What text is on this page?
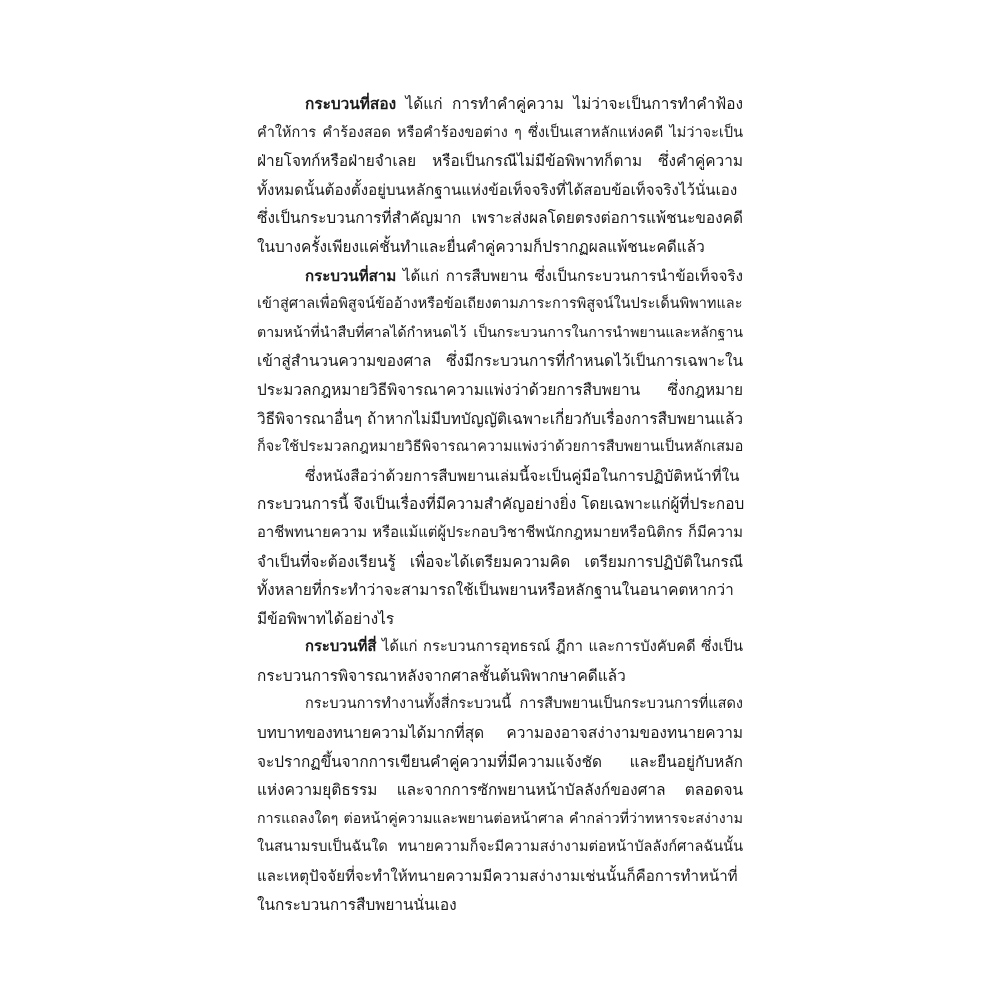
กระบวนที่สอง ได้แก่ การทำคำคู่ความ ไม่ว่าจะเป็นการทำคำฟ้อง
คำให้การ คำร้องสอด หรือคำร้องขอต่าง ๆ ซึ่งเป็นเสาหลักแห่งคดี ไม่ว่าจะเป็น
ฝ่ายโจทก์หรือฝ่ายจำเลย หรือเป็นกรณีไม่มีข้อพิพาทก็ตาม ซึ่งคำคู่ความ
ทั้งหมดนั้นต้องตั้งอยู่บนหลักฐานแห่งข้อเท็จจริงที่ได้สอบข้อเท็จจริงไว้นั่นเอง
ซึ่งเป็นกระบวนการที่สำคัญมาก เพราะส่งผลโดยตรงต่อการแพ้ชนะของคดี
ในบางครั้งเพียงแค่ชั้นทำและยื่นคำคู่ความก็ปรากฏผลแพ้ชนะคดีแล้ว
กระบวนที่สาม ได้แก่ การสืบพยาน ซึ่งเป็นกระบวนการนำข้อเท็จจริง
เข้าสู่ศาลเพื่อพิสูจน์ข้ออ้างหรือข้อเถียงตามภาระการพิสูจน์ในประเด็นพิพาทและ
ตามหน้าที่นำสืบที่ศาลได้กำหนดไว้ เป็นกระบวนการในการนำพยานและหลักฐาน
เข้าสู่สำนวนความของศาล ซึ่งมีกระบวนการที่กำหนดไว้เป็นการเฉพาะใน
ประมวลกฎหมายวิธีพิจารณาความแพ่งว่าด้วยการสืบพยาน ซึ่งกฎหมาย
วิธีพิจารณาอื่นๆ ถ้าหากไม่มีบทบัญญัติเฉพาะเกี่ยวกับเรื่องการสืบพยานแล้ว
ก็จะใช้ประมวลกฎหมายวิธีพิจารณาความแพ่งว่าด้วยการสืบพยานเป็นหลักเสมอ
ซึ่งหนังสือว่าด้วยการสืบพยานเล่มนี้จะเป็นคู่มือในการปฏิบัติหน้าที่ใน
กระบวนการนี้ จึงเป็นเรื่องที่มีความสำคัญอย่างยิ่ง โดยเฉพาะแก่ผู้ที่ประกอบ
อาชีพทนายความ หรือแม้แต่ผู้ประกอบวิชาชีพนักกฎหมายหรือนิติกร ก็มีความ
จำเป็นที่จะต้องเรียนรู้ เพื่อจะได้เตรียมความคิด เตรียมการปฏิบัติในกรณี
ทั้งหลายที่กระทำว่าจะสามารถใช้เป็นพยานหรือหลักฐานในอนาคตหากว่า
มีข้อพิพาทได้อย่างไร
กระบวนที่สี่ ได้แก่ กระบวนการอุทธรณ์ ฎีกา และการบังคับคดี ซึ่งเป็น
กระบวนการพิจารณาหลังจากศาลชั้นต้นพิพากษาคดีแล้ว
กระบวนการทำงานทั้งสี่กระบวนนี้ การสืบพยานเป็นกระบวนการที่แสดง
บทบาทของทนายความได้มากที่สุด ความองอาจสง่างามของทนายความ
จะปรากฏขึ้นจากการเขียนคำคู่ความที่มีความแจ้งชัด และยืนอยู่กับหลัก
แห่งความยุติธรรม และจากการซักพยานหน้าบัลลังก์ของศาล ตลอดจน
การแถลงใดๆ ต่อหน้าคู่ความและพยานต่อหน้าศาล คำกล่าวที่ว่าทหารจะสง่างาม
ในสนามรบเป็นฉันใด ทนายความก็จะมีความสง่างามต่อหน้าบัลลังก์ศาลฉันนั้น
และเหตุปัจจัยที่จะทำให้ทนายความมีความสง่างามเช่นนั้นก็คือการทำหน้าที่
ในกระบวนการสืบพยานนั่นเอง
